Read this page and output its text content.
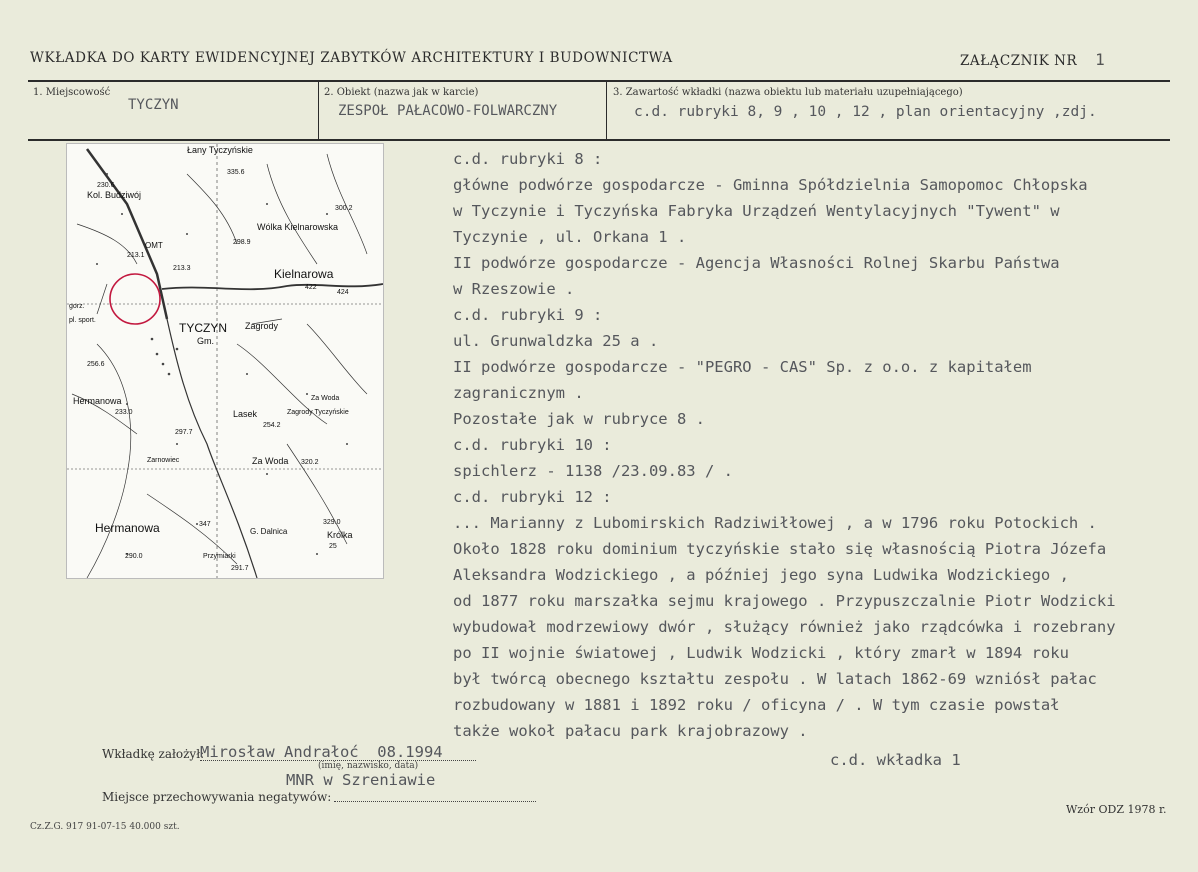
WKŁADKA DO KARTY EWIDENCYJNEJ ZABYTKÓW ARCHITEKTURY I BUDOWNICTWA	ZAŁĄCZNIK NR 1
1. Miejscowość
TYCZYN
2. Obiekt (nazwa jak w karcie)
ZESPOŁ PAŁACOWO-FOLWARCZNY
3. Zawartość wkładki (nazwa obiektu lub materiału uzupełniającego)
c.d. rubryki 8, 9 , 10 , 12 , plan orientacyjny ,zdj.
Łany Tyczyńskie
Kol. Budziwój
Wólka Kielnarowska
Kielnarowa
TYCZYN Zagrody
Gm.
Hermanowa
Lasek	Zagrody Tyczyńskie
Za Woda
Zarnowiec
Hermanowa	G. Dalnica	Królka
Przymiarki
OMT
gorz.
pl. sport.
Za Woda
230.6
335.6
300.2
298.9
213.3
213.1
422
424
256.6
233.0
297.7
254.2
320.2
347	329.0
290.0
291.7
25
c.d. rubryki 8 :
główne podwórze gospodarcze - Gminna Spółdzielnia Samopomoc Chłopska
w Tyczynie i Tyczyńska Fabryka Urządzeń Wentylacyjnych "Tywent" w
Tyczynie , ul. Orkana 1 .
II podwórze gospodarcze - Agencja Własności Rolnej Skarbu Państwa
w Rzeszowie .
c.d. rubryki 9 :
ul. Grunwaldzka 25 a .
II podwórze gospodarcze - "PEGRO - CAS" Sp. z o.o. z kapitałem
zagranicznym .
Pozostałe jak w rubryce 8 .
c.d. rubryki 10 :
spichlerz - 1138 /23.09.83 / .
c.d. rubryki 12 :
... Marianny z Lubomirskich Radziwiłłowej , a w 1796 roku Potockich .
Około 1828 roku dominium tyczyńskie stało się własnością Piotra Józefa
Aleksandra Wodzickiego , a później jego syna Ludwika Wodzickiego ,
od 1877 roku marszałka sejmu krajowego . Przypuszczalnie Piotr Wodzicki
wybudował modrzewiowy dwór , służący również jako rządcówka i rozebrany
po II wojnie światowej , Ludwik Wodzicki , który zmarł w 1894 roku
był twórcą obecnego kształtu zespołu . W latach 1862-69 wzniósł pałac
rozbudowany w 1881 i 1892 roku / oficyna / . W tym czasie powstał
także wokoł pałacu park krajobrazowy .
c.d. wkładka 1
Wkładkę założył:
Mirosław Andrałoć  08.1994
(imię, nazwisko, data)
MNR w Szreniawie
Miejsce przechowywania negatywów:
Wzór ODZ 1978 r.
Cz.Z.G. 917 91-07-15 40.000 szt.
